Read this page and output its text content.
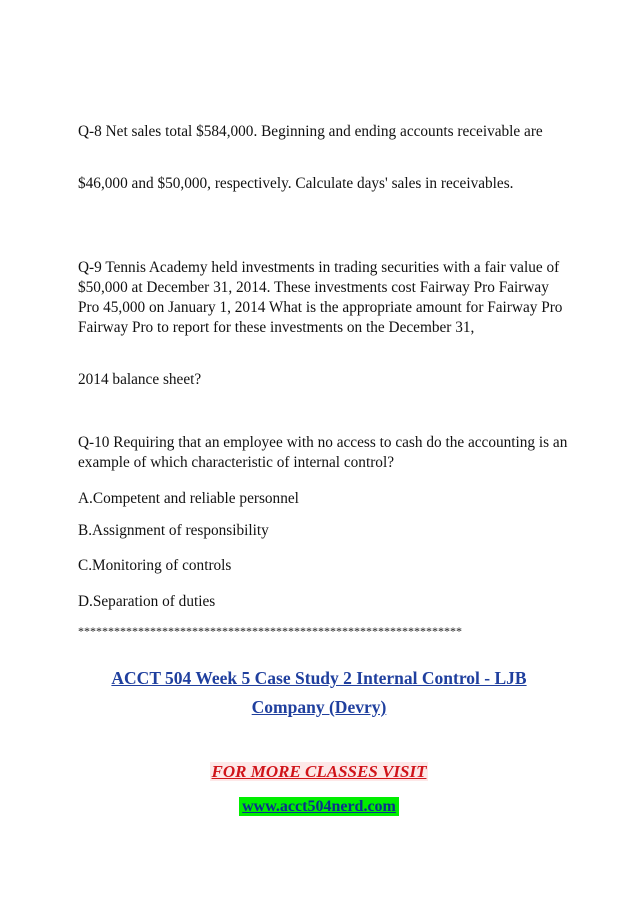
Q-8 Net sales total $584,000. Beginning and ending accounts receivable are

$46,000 and $50,000, respectively. Calculate days' sales in receivables.

Q-9 Tennis Academy held investments in trading securities with a fair value of $50,000 at December 31, 2014. These investments cost Fairway Pro Fairway Pro 45,000 on January 1, 2014 What is the appropriate amount for Fairway Pro Fairway Pro to report for these investments on the December 31,

2014 balance sheet?

Q-10 Requiring that an employee with no access to cash do the accounting is an example of which characteristic of internal control?

A.Competent and reliable personnel

B.Assignment of responsibility

C.Monitoring of controls

D.Separation of duties

****************************************************************
ACCT 504 Week 5 Case Study 2 Internal Control - LJB Company (Devry)
FOR MORE CLASSES VISIT
www.acct504nerd.com
